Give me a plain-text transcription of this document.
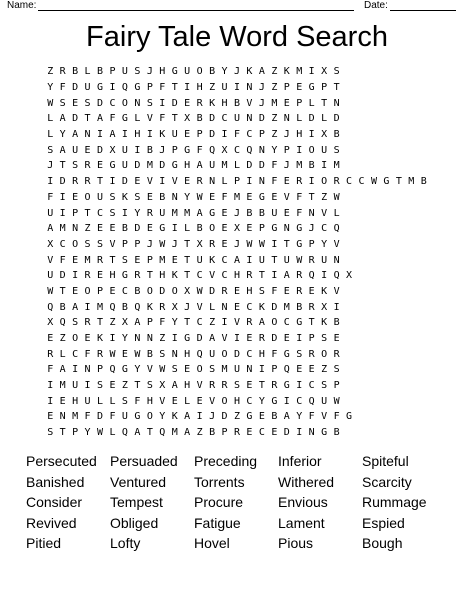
Name:	Date:
Fairy Tale Word Search
Z R B L B P U S J H G U O B Y J K A Z K M I X S
Y F D U G I Q G P F T I H Z U I N J Z P E G P T
W S E S D C O N S I D E R K H B V J M E P L T N
L A D T A F G L V F T X B D C U N D Z N L D L D
L Y A N I A I H I K U E P D I F C P Z J H I X B
S A U E D X U I B J P G F Q X C Q N Y P I O U S
J T S R E G U D M D G H A U M L D D F J M B I M
I D R R T I D E V I V E R N L P I N F E R I O R C C W G T M B
F I E O U S K S E B N Y W E F M E G E V F T Z W
U I P T C S I Y R U M M A G E J B B U E F N V L
A M N Z E E B D E G I L B O E X E P G N G J C Q
X C O S S V P P J W J T X R E J W W I T G P Y V
V F E M R T S E P M E T U K C A I U T U W R U N
U D I R E H G R T H K T C V C H R T I A R Q I Q X
W T E O P E C B O D O X W D R E H S F E R E K V
Q B A I M Q B Q K R X J V L N E C K D M B R X I
X Q S R T Z X A P F Y T C Z I V R A O C G T K B
E Z O E K I Y N N Z I G D A V I E R D E I P S E
R L C F R W E W B S N H Q U O D C H F G S R O R
F A I N P Q G Y V W S E O S M U N I P Q E E Z S
I M U I S E Z T S X A H V R R S E T R G I C S P
I E H U L L S F H V E L E V O H C Y G I C Q U W
E N M F D F U G O Y K A I J D Z G E B A Y F V F G
S T P Y W L Q A T Q M A Z B P R E C E D I N G B
Persecuted Persuaded	Preceding	Inferior	Spiteful
Banished	Ventured	Torrents	Withered	Scarcity
Consider	Tempest	Procure	Envious	Rummage
Revived	Obliged	Fatigue	Lament	Espied
Pitied	Lofty	Hovel	Pious	Bough
